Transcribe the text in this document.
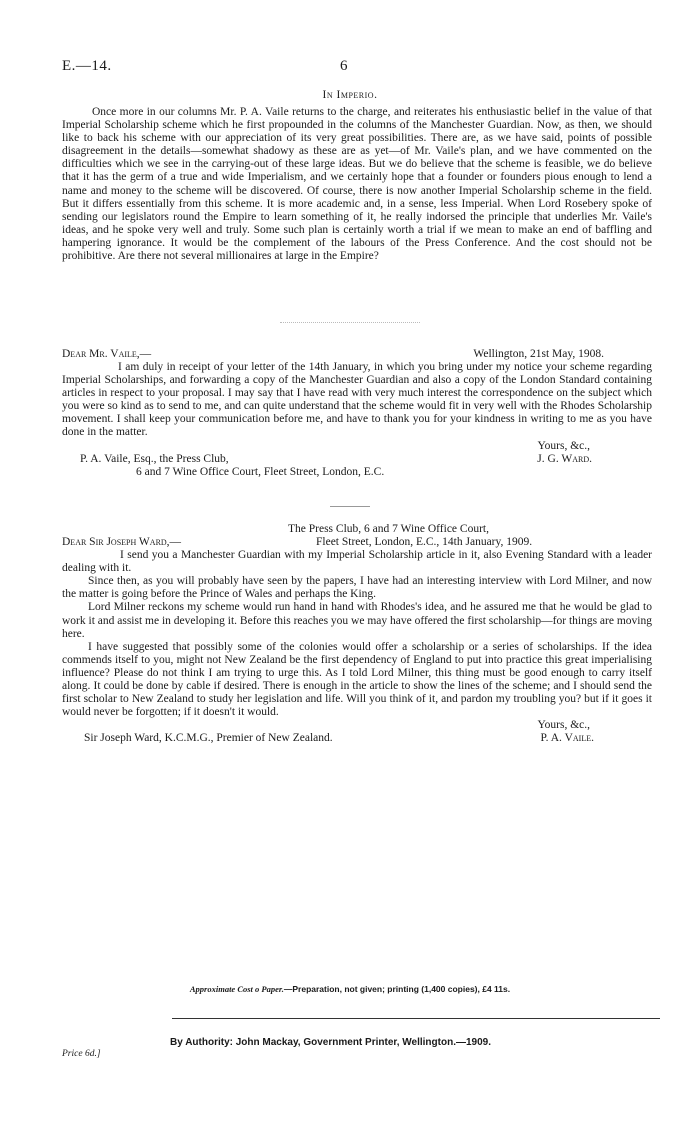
E.—14.	6
In Imperio.

Once more in our columns Mr. P. A. Vaile returns to the charge, and reiterates his enthusiastic belief in the value of that Imperial Scholarship scheme which he first propounded in the columns of the Manchester Guardian. Now, as then, we should like to back his scheme with our appreciation of its very great possibilities. There are, as we have said, points of possible disagreement in the details—somewhat shadowy as these are as yet—of Mr. Vaile's plan, and we have commented on the difficulties which we see in the carrying-out of these large ideas. But we do believe that the scheme is feasible, we do believe that it has the germ of a true and wide Imperialism, and we certainly hope that a founder or founders pious enough to lend a name and money to the scheme will be discovered. Of course, there is now another Imperial Scholarship scheme in the field. But it differs essentially from this scheme. It is more academic and, in a sense, less Imperial. When Lord Rosebery spoke of sending our legislators round the Empire to learn something of it, he really indorsed the principle that underlies Mr. Vaile's ideas, and he spoke very well and truly. Some such plan is certainly worth a trial if we mean to make an end of baffling and hampering ignorance. It would be the complement of the labours of the Press Conference. And the cost should not be prohibitive. Are there not several millionaires at large in the Empire?

Dear Mr. Vaile,—	Wellington, 21st May, 1908.

I am duly in receipt of your letter of the 14th January, in which you bring under my notice your scheme regarding Imperial Scholarships, and forwarding a copy of the Manchester Guardian and also a copy of the London Standard containing articles in respect to your proposal. I may say that I have read with very much interest the correspondence on the subject which you were so kind as to send to me, and can quite understand that the scheme would fit in very well with the Rhodes Scholarship movement. I shall keep your communication before me, and have to thank you for your kindness in writing to me as you have done in the matter.

Yours, &c.,
P. A. Vaile, Esq., the Press Club,	J. G. Ward.
6 and 7 Wine Office Court, Fleet Street, London, E.C.
The Press Club, 6 and 7 Wine Office Court,
Dear Sir Joseph Ward,—	Fleet Street, London, E.C., 14th January, 1909.

I send you a Manchester Guardian with my Imperial Scholarship article in it, also Evening Standard with a leader dealing with it.

Since then, as you will probably have seen by the papers, I have had an interesting interview with Lord Milner, and now the matter is going before the Prince of Wales and perhaps the King.

Lord Milner reckons my scheme would run hand in hand with Rhodes's idea, and he assured me that he would be glad to work it and assist me in developing it. Before this reaches you we may have offered the first scholarship—for things are moving here.

I have suggested that possibly some of the colonies would offer a scholarship or a series of scholarships. If the idea commends itself to you, might not New Zealand be the first dependency of England to put into practice this great imperialising influence? Please do not think I am trying to urge this. As I told Lord Milner, this thing must be good enough to carry itself along. It could be done by cable if desired. There is enough in the article to show the lines of the scheme; and I should send the first scholar to New Zealand to study her legislation and life. Will you think of it, and pardon my troubling you? but if it goes it would never be forgotten; if it doesn't it would.

Yours, &c.,
Sir Joseph Ward, K.C.M.G., Premier of New Zealand.	P. A. Vaile.
Approximate Cost o Paper.—Preparation, not given; printing (1,400 copies), £4 11s.
By Authority: John Mackay, Government Printer, Wellington.—1909.
Price 6d.]
